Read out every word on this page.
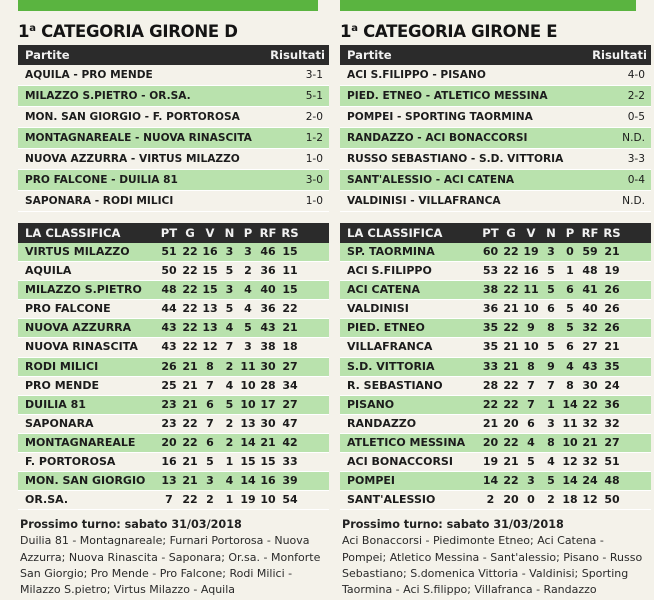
1$^a$ CATEGORIA GIRONE D
Partite	Risultati
AQUILA - PRO MENDE	3-1
MILAZZO S.PIETRO - OR.SA.	5-1
MON. SAN GIORGIO - F. PORTOROSA	2-0
MONTAGNAREALE - NUOVA RINASCITA	1-2
NUOVA AZZURRA - VIRTUS MILAZZO	1-0
PRO FALCONE - DUILIA 81	3-0
SAPONARA - RODI MILICI	1-0
LA CLASSIFICA	PT G V N P RF RS
VIRTUS MILAZZO	51 22 16 3 3 46 15
AQUILA	50 22 15 5 2 36 11
MILAZZO S.PIETRO	48 22 15 3 4 40 15
PRO FALCONE	44 22 13 5 4 36 22
NUOVA AZZURRA	43 22 13 4 5 43 21
NUOVA RINASCITA	43 22 12 7 3 38 18
RODI MILICI	26 21 8	2 11 30 27
PRO MENDE	25 21 7	4 10 28 34
DUILIA 81	23 21 6	5 10 17 27
SAPONARA	23 22 7	2 13 30 47
MONTAGNAREALE	20 22 6	2 14 21 42
F. PORTOROSA	16 21 5	1 15 15 33
MON. SAN GIORGIO	13 21 3	4 14 16 39
OR.SA.	7 22 2	1 19 10 54
Prossimo turno: sabato 31/03/2018
Duilia 81 - Montagnareale; Furnari Portorosa - Nuova Azzurra; Nuova Rinascita - Saponara; Or.sa. - Monforte San Giorgio; Pro Mende - Pro Falcone; Rodi Milici - Milazzo S.pietro; Virtus Milazzo - Aquila
1$^a$ CATEGORIA GIRONE E
Partite	Risultati
ACI S.FILIPPO - PISANO	4-0
PIED. ETNEO - ATLETICO MESSINA	2-2
POMPEI - SPORTING TAORMINA	0-5
RANDAZZO - ACI BONACCORSI	N.D.
RUSSO SEBASTIANO - S.D. VITTORIA	3-3
SANT'ALESSIO - ACI CATENA	0-4
VALDINISI - VILLAFRANCA	N.D.
LA CLASSIFICA	PT G V N P RF RS
SP. TAORMINA	60 22 19 3	0 59 21
ACI S.FILIPPO	53 22 16 5	1 48 19
ACI CATENA	38 22 11 5	6 41 26
VALDINISI	36 21 10 6	5 40 26
PIED. ETNEO	35 22 9	8	5 32 26
VILLAFRANCA	35 21 10 5	6 27 21
S.D. VITTORIA	33 21 8	9	4 43 35
R. SEBASTIANO	28 22 7	7	8 30 24
PISANO	22 22 7	1 14 22 36
RANDAZZO	21 20 6	3 11 32 32
ATLETICO MESSINA	20 22 4	8 10 21 27
ACI BONACCORSI	19 21 5	4 12 32 51
POMPEI	14 22 3	5 14 24 48
SANT'ALESSIO	2 20 0	2 18 12 50
Prossimo turno: sabato 31/03/2018
Aci Bonaccorsi - Piedimonte Etneo; Aci Catena - Pompei; Atletico Messina - Sant'alessio; Pisano - Russo Sebastiano; S.domenica Vittoria - Valdinisi; Sporting Taormina - Aci S.filippo; Villafranca - Randazzo
